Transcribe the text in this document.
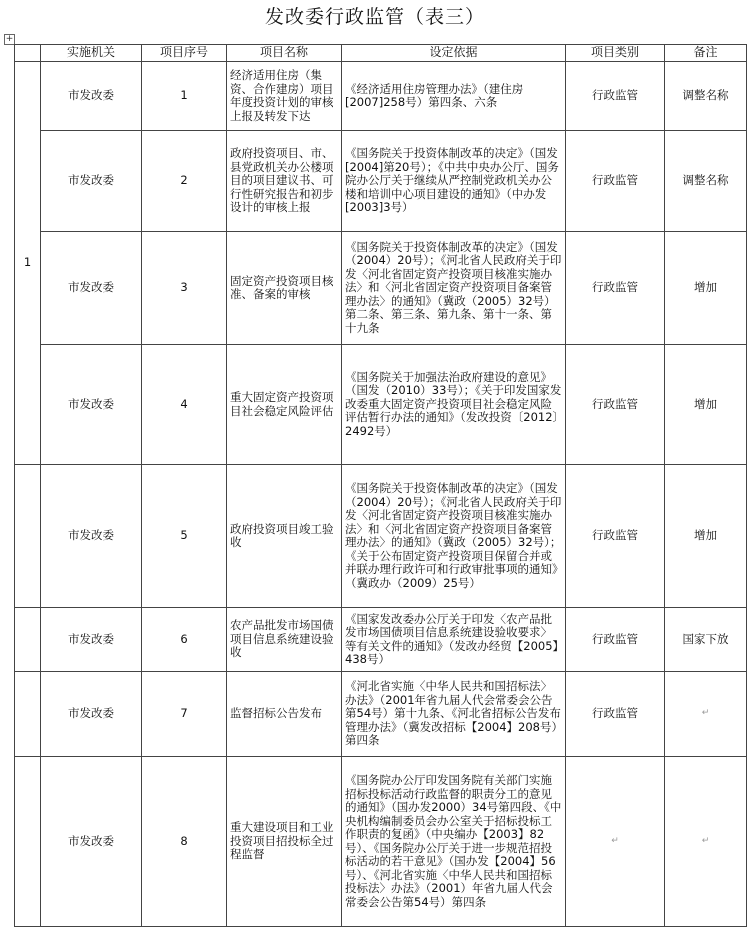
发改委行政监管（表三）
+
	实施机关	项目序号	项目名称	设定依据	项目类别	备注
1	市发改委	1	经济适用住房（集资、合作建房）项目年度投资计划的审核上报及转发下达	《经济适用住房管理办法》（建住房[2007]258号）第四条、六条	行政监管	调整名称
	市发改委	2	政府投资项目、市、县党政机关办公楼项目的项目建议书、可行性研究报告和初步设计的审核上报	《国务院关于投资体制改革的决定》（国发[2004]第20号）；《中共中央办公厅、国务院办公厅关于继续从严控制党政机关办公楼和培训中心项目建设的通知》（中办发[2003]3号）	行政监管	调整名称
	市发改委	3	固定资产投资项目核准、备案的审核	《国务院关于投资体制改革的决定》（国发（2004）20号）；《河北省人民政府关于印发〈河北省固定资产投资项目核准实施办法〉和〈河北省固定资产投资项目备案管理办法〉的通知》（冀政（2005）32号）第二条、第三条、第九条、第十一条、第十九条	行政监管	增加
	市发改委	4	重大固定资产投资项目社会稳定风险评估	《国务院关于加强法治政府建设的意见》（国发（2010）33号）；《关于印发国家发改委重大固定资产投资项目社会稳定风险评估暂行办法的通知》（发改投资〔2012〕2492号）	行政监管	增加
	市发改委	5	政府投资项目竣工验收	《国务院关于投资体制改革的决定》（国发（2004）20号）；《河北省人民政府关于印发〈河北省固定资产投资项目核准实施办法〉和〈河北省固定资产投资项目备案管理办法〉的通知》（冀政（2005）32号）；《关于公布固定资产投资项目保留合并或并联办理行政许可和行政审批事项的通知》（冀政办（2009）25号）	行政监管	增加
	市发改委	6	农产品批发市场国债项目信息系统建设验收	《国家发改委办公厅关于印发〈农产品批发市场国债项目信息系统建设验收要求〉等有关文件的通知》（发改办经贸【2005】438号）	行政监管	国家下放
	市发改委	7	监督招标公告发布	《河北省实施〈中华人民共和国招标法〉办法》（2001年省九届人代会常委会公告第54号）第十九条、《河北省招标公告发布管理办法》（冀发改招标【2004】208号）第四条	行政监管	↵
	市发改委	8	重大建设项目和工业投资项目招投标全过程监督	《国务院办公厅印发国务院有关部门实施招标投标活动行政监督的职责分工的意见的通知》（国办发2000）34号第四段、《中央机构编制委员会办公室关于招标投标工作职责的复函》（中央编办【2003】82号）、《国务院办公厅关于进一步规范招投标活动的若干意见》（国办发【2004】56号）、《河北省实施〈中华人民共和国招标投标法〉办法》（2001）年省九届人代会常委会公告第54号）第四条	↵	↵
